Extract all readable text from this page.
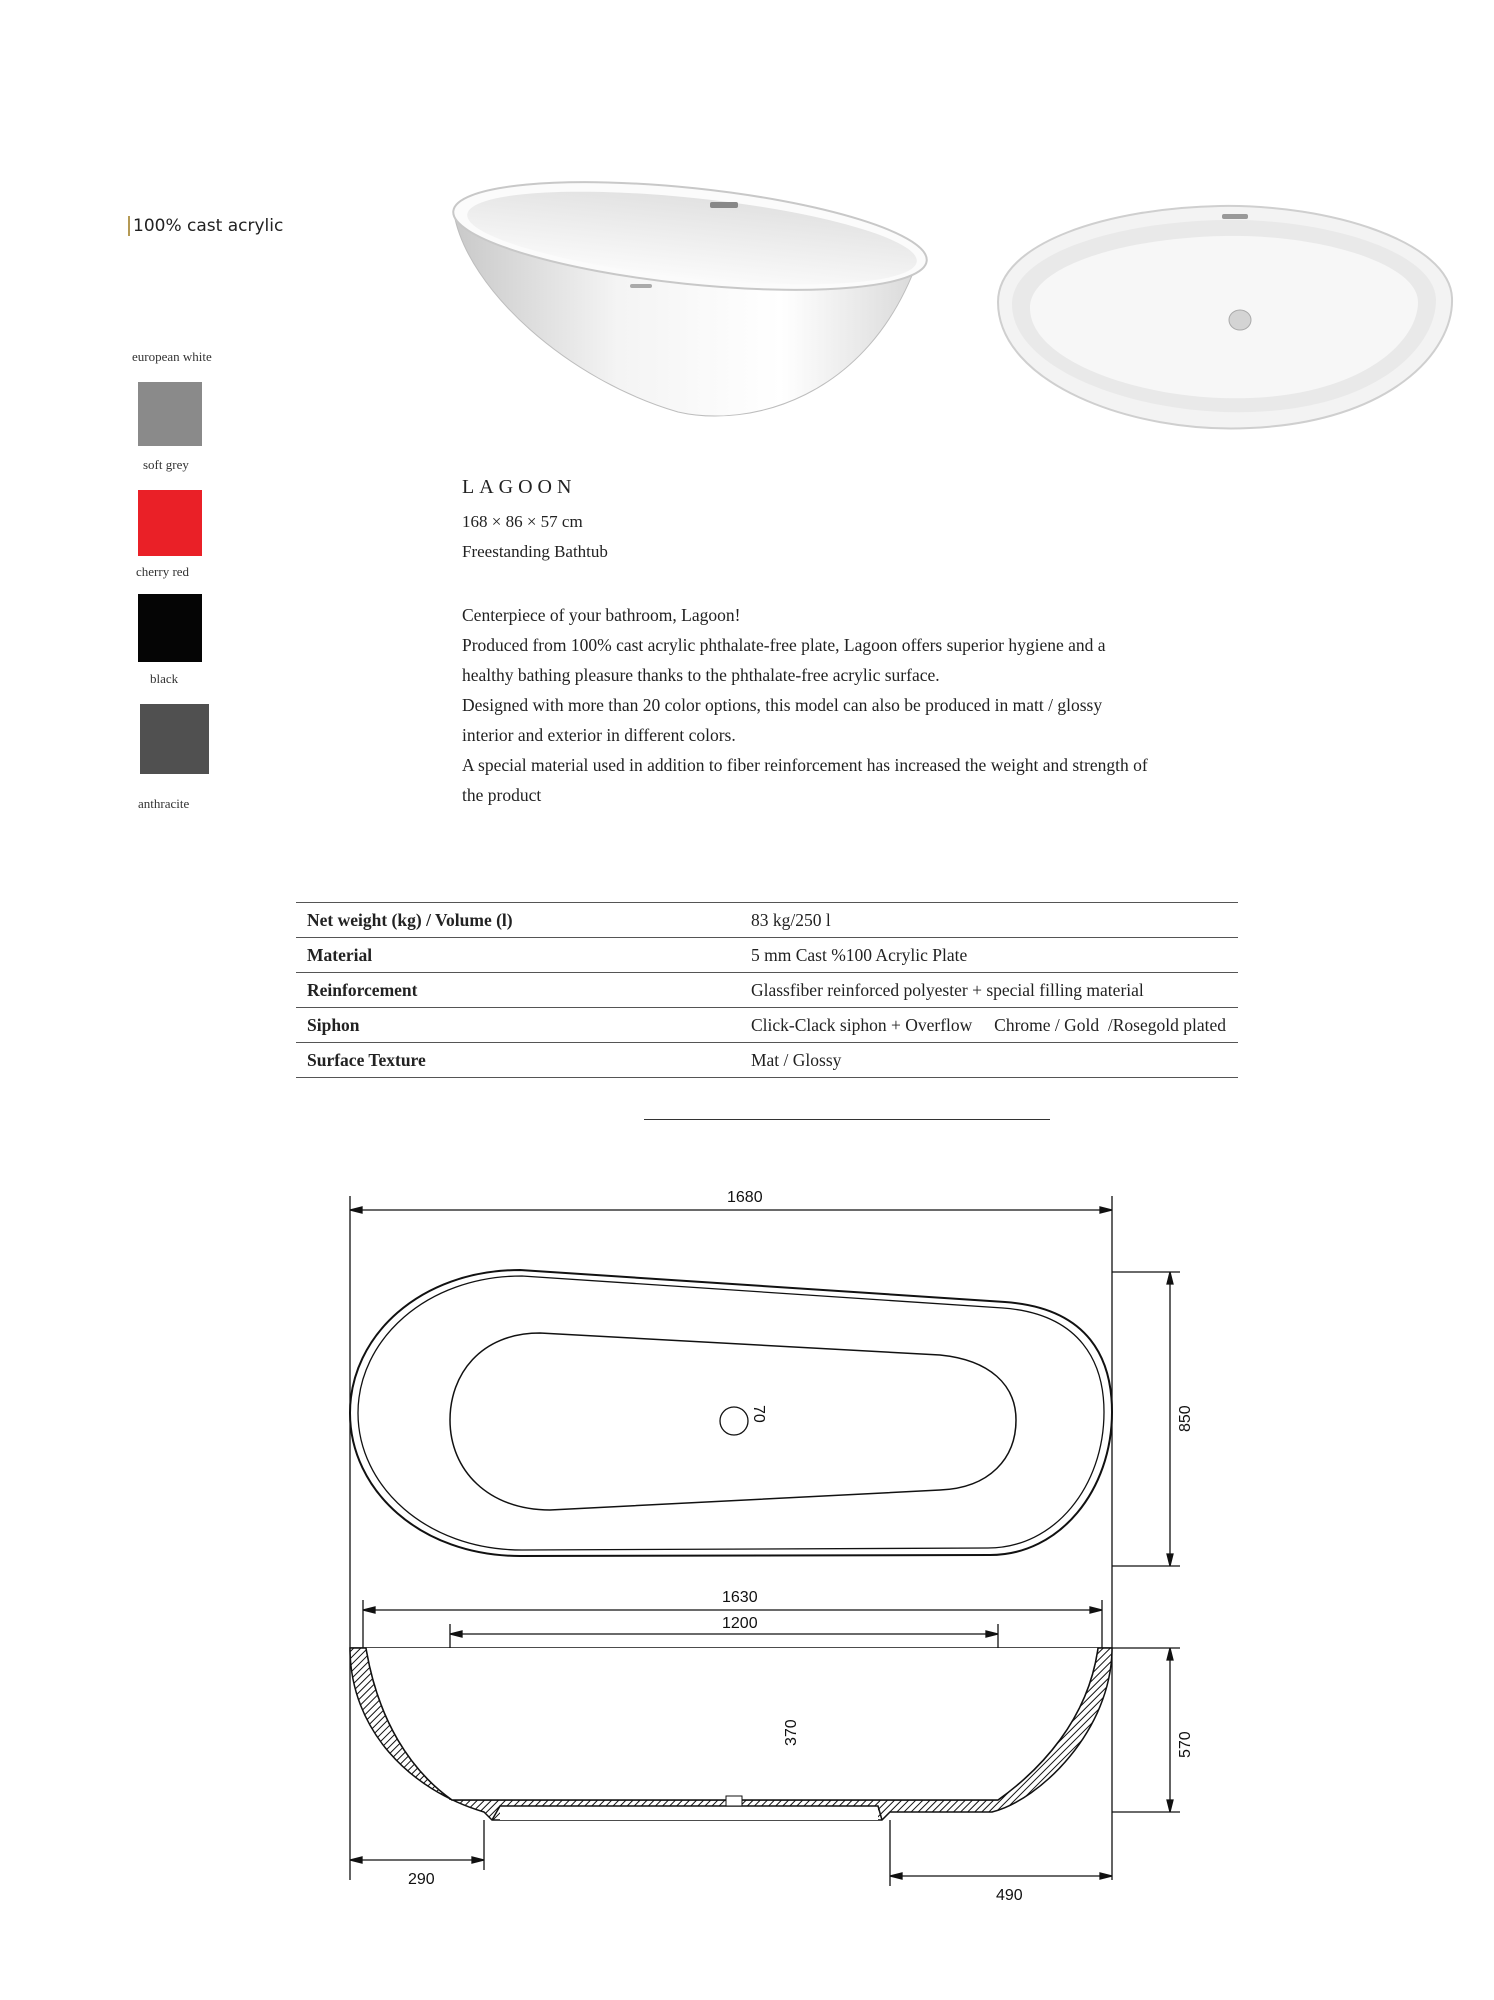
100% cast acrylic
european white
soft grey
cherry red
black
anthracite
LAGOON
168 × 86 × 57 cm
Freestanding Bathtub

Centerpiece of your bathroom, Lagoon!

Produced from 100% cast acrylic phthalate-free plate, Lagoon offers superior hygiene and a healthy bathing pleasure thanks to the phthalate-free acrylic surface.

Designed with more than 20 color options, this model can also be produced in matt / glossy interior and exterior in different colors.

A special material used in addition to fiber reinforcement has increased the weight and strength of the product

Net weight (kg) / Volume (l)	83 kg/250 l
Material	5 mm Cast %100 Acrylic Plate
Reinforcement	Glassfiber reinforced polyester + special filling material
Siphon	Click-Clack siphon + Overflow     Chrome / Gold  /Rosegold plated
Surface Texture	Mat / Glossy
1680
850
70
1630
1200
370	570
290
490
